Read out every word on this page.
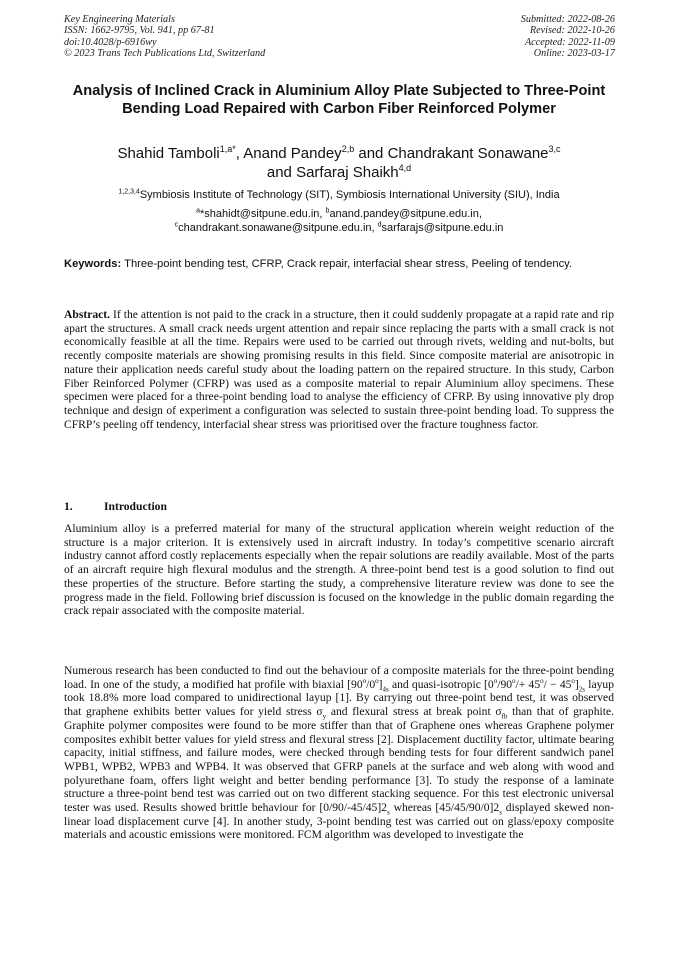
Key Engineering Materials
ISSN: 1662-9795, Vol. 941, pp 67-81
doi:10.4028/p-6916wy
© 2023 Trans Tech Publications Ltd, Switzerland
Submitted: 2022-08-26
Revised: 2022-10-26
Accepted: 2022-11-09
Online: 2023-03-17
Analysis of Inclined Crack in Aluminium Alloy Plate Subjected to Three-Point Bending Load Repaired with Carbon Fiber Reinforced Polymer
Shahid Tamboli$^{1,a*}$, Anand Pandey$^{2,b}$ and Chandrakant Sonawane$^{3,c}$
and Sarfaraj Shaikh$^{4,d}$
$^{1,2,3,4}$Symbiosis Institute of Technology (SIT), Symbiosis International University (SIU), India
$^a$*shahidt@sitpune.edu.in, $^b$anand.pandey@sitpune.edu.in,
$^c$chandrakant.sonawane@sitpune.edu.in, $^d$sarfarajs@sitpune.edu.in
Keywords: Three-point bending test, CFRP, Crack repair, interfacial shear stress, Peeling of tendency.
Abstract. If the attention is not paid to the crack in a structure, then it could suddenly propagate at a rapid rate and rip apart the structures. A small crack needs urgent attention and repair since replacing the parts with a small crack is not economically feasible at all the time. Repairs were used to be carried out through rivets, welding and nut-bolts, but recently composite materials are showing promising results in this field. Since composite material are anisotropic in nature their application needs careful study about the loading pattern on the repaired structure. In this study, Carbon Fiber Reinforced Polymer (CFRP) was used as a composite material to repair Aluminium alloy specimens. These specimen were placed for a three-point bending load to analyse the efficiency of CFRP. By using innovative ply drop technique and design of experiment a configuration was selected to sustain three-point bending load. To suppress the CFRP’s peeling off tendency, interfacial shear stress was prioritised over the fracture toughness factor.
1.	Introduction
Aluminium alloy is a preferred material for many of the structural application wherein weight reduction of the structure is a major criterion. It is extensively used in aircraft industry. In today’s competitive scenario aircraft industry cannot afford costly replacements especially when the repair solutions are readily available. Most of the parts of an aircraft require high flexural modulus and the strength. A three-point bend test is a good solution to find out these properties of the structure. Before starting the study, a comprehensive literature review was done to see the progress made in the field. Following brief discussion is focused on the knowledge in the public domain regarding the crack repair associated with the composite material.
Numerous research has been conducted to find out the behaviour of a composite materials for the three-point bending load. In one of the study, a modified hat profile with biaxial $[90^o/0^o]_{4s}$ and quasi-isotropic $[0^o/90^o/+ 45^o/ - 45^o]_{2s}$ layup took 18.8% more load compared to unidirectional layup [1]. By carrying out three-point bend test, it was observed that graphene exhibits better values for yield stress $\sigma_y$ and flexural stress at break point $\sigma_{fb}$ than that of graphite. Graphite polymer composites were found to be more stiffer than that of Graphene ones whereas Graphene polymer composites exhibit better values for yield stress and flexural stress [2]. Displacement ductility factor, ultimate bearing capacity, initial stiffness, and failure modes, were checked through bending tests for four different sandwich panel WPB1, WPB2, WPB3 and WPB4. It was observed that GFRP panels at the surface and web along with wood and polyurethane foam, offers light weight and better bending performance [3]. To study the response of a laminate structure a three-point bend test was carried out on two different stacking sequence. For this test electronic universal tester was used. Results showed brittle behaviour for $[0/90/-45/45]2_s$ whereas $[45/45/90/0]2_s$ displayed skewed non-linear load displacement curve [4]. In another study, 3-point bending test was carried out on glass/epoxy composite materials and acoustic emissions were monitored. FCM algorithm was developed to investigate the
